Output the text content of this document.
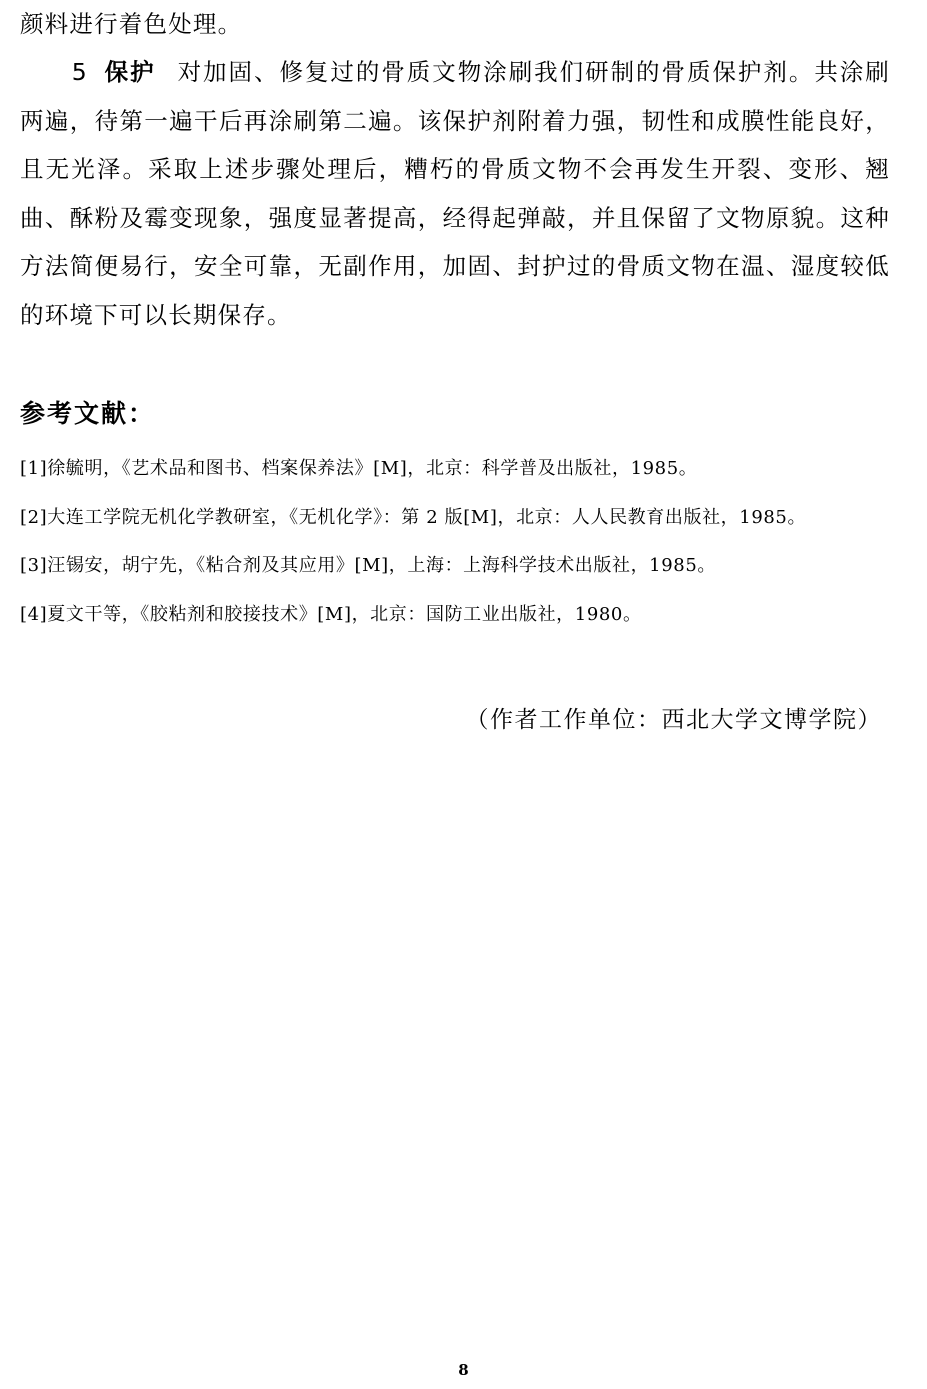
颜料进行着色处理。

5 保护 对加固、修复过的骨质文物涂刷我们研制的骨质保护剂。共涂刷两遍，待第一遍干后再涂刷第二遍。该保护剂附着力强，韧性和成膜性能良好，且无光泽。采取上述步骤处理后，糟朽的骨质文物不会再发生开裂、变形、翘曲、酥粉及霉变现象，强度显著提高，经得起弹敲，并且保留了文物原貌。这种方法简便易行，安全可靠，无副作用，加固、封护过的骨质文物在温、湿度较低的环境下可以长期保存。

参考文献：
[1]徐毓明，《艺术品和图书、档案保养法》[M]，北京：科学普及出版社，1985。
[2]大连工学院无机化学教研室，《无机化学》：第 2 版[M]，北京：人人民教育出版社，1985。
[3]汪锡安，胡宁先，《粘合剂及其应用》[M]，上海：上海科学技术出版社，1985。
[4]夏文干等，《胶粘剂和胶接技术》[M]，北京：国防工业出版社，1980。

（作者工作单位：西北大学文博学院）

8
